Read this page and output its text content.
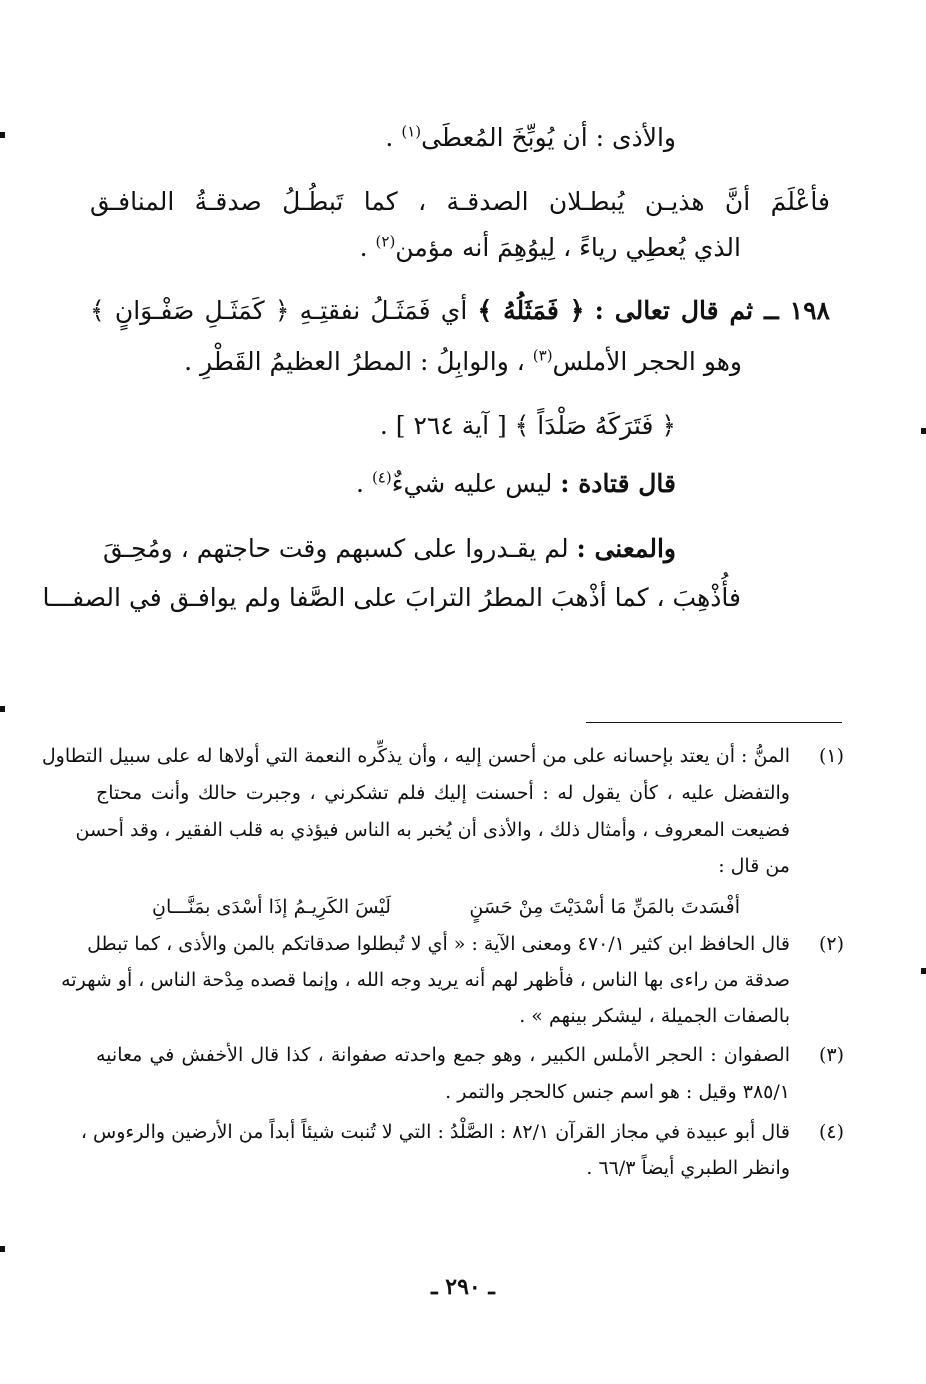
والأذى : أن يُوبِّخَ المُعطَى$^{(١)}$ .
فأعْلَمَ أنَّ هذيـن يُبطـلان الصدقـة ، كما تَبطُـلُ صدقـةُ المنافـق
الذي يُعطِي رياءً ، لِيوُهِمَ أنه مؤمن$^{(٢)}$ .
١٩٨ ــ ثم قال تعالى : ﴿ فَمَثَلُهُ ﴾ أي فَمَثَـلُ نفقتِـهِ ﴿ كَمَثَـلِ صَفْـوَانٍ ﴾
وهو الحجر الأملس$^{(٣)}$ ، والوابِلُ : المطرُ العظيمُ القَطْرِ .
﴿ فَتَرَكَهُ صَلْدَاً ﴾ [ آية ٢٦٤ ] .
قال قتادة : ليس عليه شيءٌ$^{(٤)}$ .
والمعنى : لم يقـدروا على كسبهم وقت حاجتهم ، ومُحِـقَ
فأُذْهِبَ ، كما أذْهبَ المطرُ الترابَ على الصَّفا ولم يوافـق في الصفـــا
(١)
المنُّ : أن يعتد بإحسانه على من أحسن إليه ، وأن يذكِّره النعمة التي أولاها له على سبيل التطاول
والتفضل عليه ، كأن يقول له : أحسنت إليك فلم تشكرني ، وجبرت حالك وأنت محتاج
فضيعت المعروف ، وأمثال ذلك ، والأذى أن يُخبر به الناس فيؤذي به قلب الفقير ، وقد أحسن
من قال :
أفْسَدتَ بالمَنِّ مَا أسْدَيْتَ مِنْ حَسَنٍ
لَيْسَ الكَرِيـمُ إذَا أسْدَى بمَنَّـــانِ
(٢)
قال الحافظ ابن كثير ٤٧٠/١ ومعنى الآية : « أي لا تُبطلوا صدقاتكم بالمن والأذى ، كما تبطل
صدقة من راءى بها الناس ، فأظهر لهم أنه يريد وجه الله ، وإنما قصده مِدْحة الناس ، أو شهرته
بالصفات الجميلة ، ليشكر بينهم » .
(٣)
الصفوان : الحجر الأملس الكبير ، وهو جمع واحدته صفوانة ، كذا قال الأخفش في معانيه
٣٨٥/١ وقيل : هو اسم جنس كالحجر والتمر .
(٤)
قال أبو عبيدة في مجاز القرآن ٨٢/١ : الصَّلْدُ : التي لا تُنبت شيئاً أبداً من الأرضين والرءوس ،
وانظر الطبري أيضاً ٦٦/٣ .
ـ ٢٩٠ ـ
